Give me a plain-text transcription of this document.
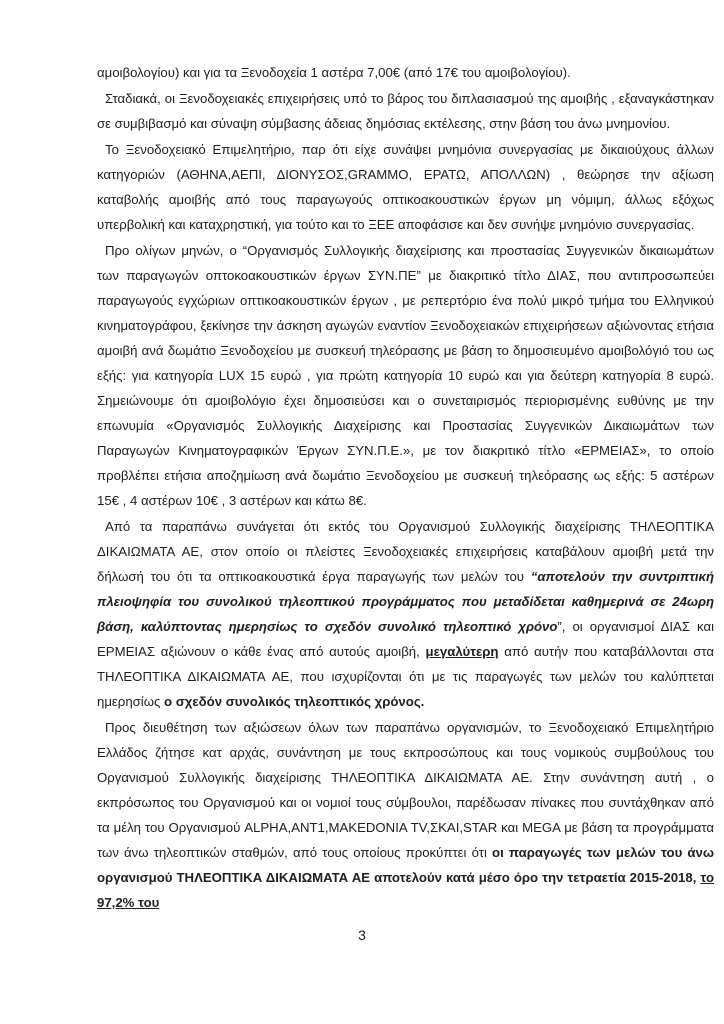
αμοιβολογίου) και για τα Ξενοδοχεία 1 αστέρα 7,00€ (από 17€ του αμοιβολογίου).

Σταδιακά, οι Ξενοδοχειακές επιχειρήσεις υπό το βάρος του διπλασιασμού της αμοιβής , εξαναγκάστηκαν σε συμβιβασμό και σύναψη σύμβασης άδειας δημόσιας εκτέλεσης, στην βάση του άνω μνημονίου.

Το Ξενοδοχειακό Επιμελητήριο, παρ ότι είχε συνάψει μνημόνια συνεργασίας με δικαιούχους άλλων κατηγοριών (ΑΘΗΝΑ,ΑΕΠΙ, ΔΙΟΝΥΣΟΣ,GRAMMO, ΕΡΑΤΩ, ΑΠΟΛΛΩΝ) , θεώρησε την αξίωση καταβολής αμοιβής από τους παραγωγούς οπτικοακουστικών έργων μη νόμιμη, άλλως εξόχως υπερβολική και καταχρηστική, για τούτο και το ΞΕΕ αποφάσισε και δεν συνήψε μνημόνιο συνεργασίας.

Προ ολίγων μηνών, ο “Οργανισμός Συλλογικής διαχείρισης και προστασίας Συγγενικών δικαιωμάτων των παραγωγών οπτοκοακουστικών έργων ΣΥΝ.ΠΕ” με διακριτικό τίτλο ΔΙΑΣ, που αντιπροσωπεύει παραγωγούς εγχώριων οπτικοακουστικών έργων , με ρεπερτόριο ένα πολύ μικρό τμήμα του Ελληνικού κινηματογράφου, ξεκίνησε την άσκηση αγωγών εναντίον Ξενοδοχειακών επιχειρήσεων αξιώνοντας ετήσια αμοιβή ανά δωμάτιο Ξενοδοχείου με συσκευή τηλεόρασης με βάση το δημοσιευμένο αμοιβολόγιό του ως εξής: για κατηγορία LUX 15 ευρώ , για πρώτη κατηγορία 10 ευρώ και για δεύτερη κατηγορία 8 ευρώ. Σημειώνουμε ότι αμοιβολόγιο έχει δημοσιεύσει και ο συνεταιρισμός περιορισμένης ευθύνης με την επωνυμία «Οργανισμός Συλλογικής Διαχείρισης και Προστασίας Συγγενικών Δικαιωμάτων των Παραγωγών Κινηματογραφικών Έργων ΣΥΝ.Π.Ε.», με τον διακριτικό τίτλο «ΕΡΜΕΙΑΣ», το οποίο προβλέπει ετήσια αποζημίωση ανά δωμάτιο Ξενοδοχείου με συσκευή τηλεόρασης ως εξής: 5 αστέρων 15€ , 4 αστέρων 10€ , 3 αστέρων και κάτω 8€.

Από τα παραπάνω συνάγεται ότι εκτός του Οργανισμού Συλλογικής διαχείρισης ΤΗΛΕΟΠΤΙΚΑ ΔΙΚΑΙΩΜΑΤΑ ΑΕ, στον οποίο οι πλείστες Ξενοδοχειακές επιχειρήσεις καταβάλουν αμοιβή μετά την δήλωσή του ότι τα οπτικοακουστικά έργα παραγωγής των μελών του “αποτελούν την συντριπτική πλειοψηφία του συνολικού τηλεοπτικού προγράμματος που μεταδίδεται καθημερινά σε 24ωρη βάση, καλύπτοντας ημερησίως το σχεδόν συνολικό τηλεοπτικό χρόνο”, οι οργανισμοί ΔΙΑΣ και ΕΡΜΕΙΑΣ αξιώνουν ο κάθε ένας από αυτούς αμοιβή, μεγαλύτερη από αυτήν που καταβάλλονται στα ΤΗΛΕΟΠΤΙΚΑ ΔΙΚΑΙΩΜΑΤΑ ΑΕ, που ισχυρίζονται ότι με τις παραγωγές των μελών του καλύπτεται ημερησίως ο σχεδόν συνολικός τηλεοπτικός χρόνος.

Προς διευθέτηση των αξιώσεων όλων των παραπάνω οργανισμών, το Ξενοδοχειακό Επιμελητήριο Ελλάδος ζήτησε κατ αρχάς, συνάντηση με τους εκπροσώπους και τους νομικούς συμβούλους του Οργανισμού Συλλογικής διαχείρισης ΤΗΛΕΟΠΤΙΚΑ ΔΙΚΑΙΩΜΑΤΑ ΑΕ. Στην συνάντηση αυτή , ο εκπρόσωπος του Οργανισμού και οι νομιοί τους σύμβουλοι, παρέδωσαν πίνακες που συντάχθηκαν από τα μέλη του Οργανισμού ALPHA,ANT1,MAKEDONIA TV,ΣΚΑΙ,STAR και MEGA με βάση τα προγράμματα των άνω τηλεοπτικών σταθμών, από τους οποίους προκύπτει ότι οι παραγωγές των μελών του άνω οργανισμού ΤΗΛΕΟΠΤΙΚΑ ΔΙΚΑΙΩΜΑΤΑ ΑΕ αποτελούν κατά μέσο όρο την τετραετία 2015-2018, το 97,2% του

3
